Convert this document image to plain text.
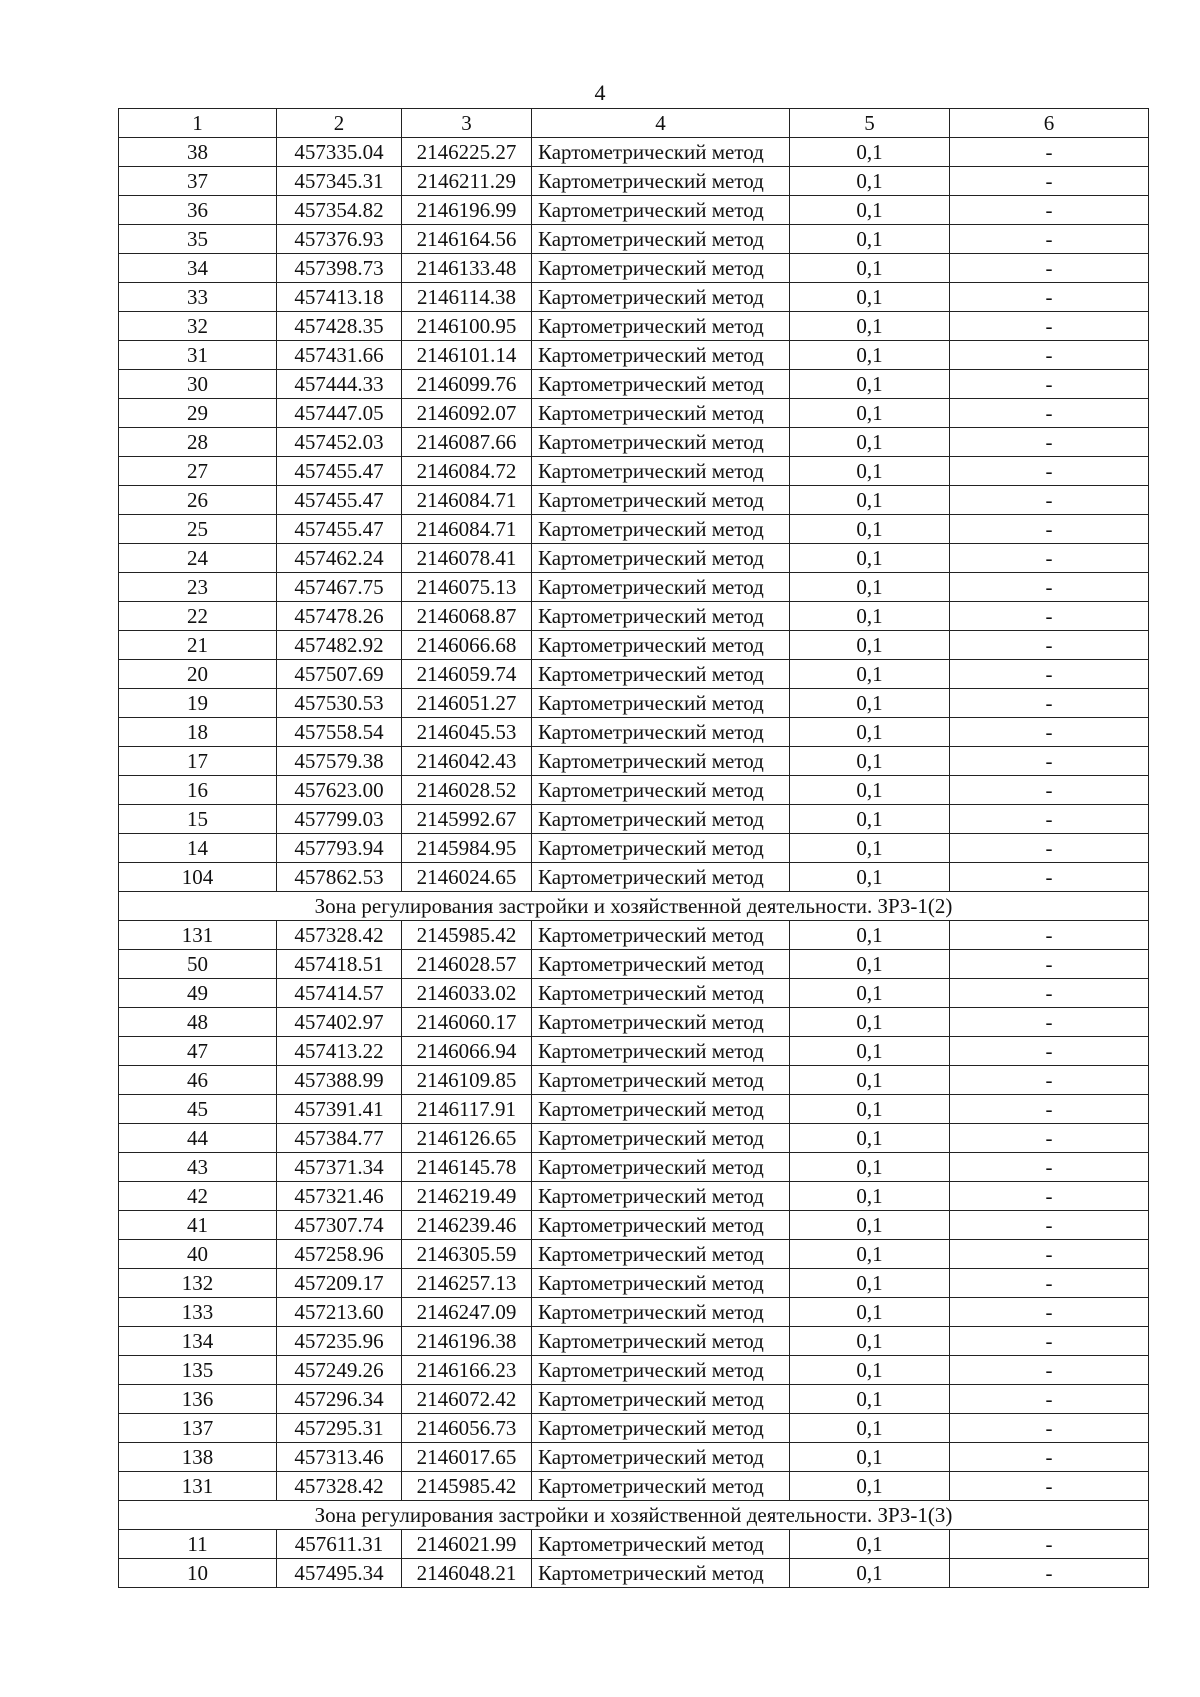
4
1	2	3	4	5	6
38	457335.04	2146225.27	Картометрический метод	0,1	-
37	457345.31	2146211.29	Картометрический метод	0,1	-
36	457354.82	2146196.99	Картометрический метод	0,1	-
35	457376.93	2146164.56	Картометрический метод	0,1	-
34	457398.73	2146133.48	Картометрический метод	0,1	-
33	457413.18	2146114.38	Картометрический метод	0,1	-
32	457428.35	2146100.95	Картометрический метод	0,1	-
31	457431.66	2146101.14	Картометрический метод	0,1	-
30	457444.33	2146099.76	Картометрический метод	0,1	-
29	457447.05	2146092.07	Картометрический метод	0,1	-
28	457452.03	2146087.66	Картометрический метод	0,1	-
27	457455.47	2146084.72	Картометрический метод	0,1	-
26	457455.47	2146084.71	Картометрический метод	0,1	-
25	457455.47	2146084.71	Картометрический метод	0,1	-
24	457462.24	2146078.41	Картометрический метод	0,1	-
23	457467.75	2146075.13	Картометрический метод	0,1	-
22	457478.26	2146068.87	Картометрический метод	0,1	-
21	457482.92	2146066.68	Картометрический метод	0,1	-
20	457507.69	2146059.74	Картометрический метод	0,1	-
19	457530.53	2146051.27	Картометрический метод	0,1	-
18	457558.54	2146045.53	Картометрический метод	0,1	-
17	457579.38	2146042.43	Картометрический метод	0,1	-
16	457623.00	2146028.52	Картометрический метод	0,1	-
15	457799.03	2145992.67	Картометрический метод	0,1	-
14	457793.94	2145984.95	Картометрический метод	0,1	-
104	457862.53	2146024.65	Картометрический метод	0,1	-
Зона регулирования застройки и хозяйственной деятельности. ЗРЗ-1(2)					
131	457328.42	2145985.42	Картометрический метод	0,1	-
50	457418.51	2146028.57	Картометрический метод	0,1	-
49	457414.57	2146033.02	Картометрический метод	0,1	-
48	457402.97	2146060.17	Картометрический метод	0,1	-
47	457413.22	2146066.94	Картометрический метод	0,1	-
46	457388.99	2146109.85	Картометрический метод	0,1	-
45	457391.41	2146117.91	Картометрический метод	0,1	-
44	457384.77	2146126.65	Картометрический метод	0,1	-
43	457371.34	2146145.78	Картометрический метод	0,1	-
42	457321.46	2146219.49	Картометрический метод	0,1	-
41	457307.74	2146239.46	Картометрический метод	0,1	-
40	457258.96	2146305.59	Картометрический метод	0,1	-
132	457209.17	2146257.13	Картометрический метод	0,1	-
133	457213.60	2146247.09	Картометрический метод	0,1	-
134	457235.96	2146196.38	Картометрический метод	0,1	-
135	457249.26	2146166.23	Картометрический метод	0,1	-
136	457296.34	2146072.42	Картометрический метод	0,1	-
137	457295.31	2146056.73	Картометрический метод	0,1	-
138	457313.46	2146017.65	Картометрический метод	0,1	-
131	457328.42	2145985.42	Картометрический метод	0,1	-
Зона регулирования застройки и хозяйственной деятельности. ЗРЗ-1(3)					
11	457611.31	2146021.99	Картометрический метод	0,1	-
10	457495.34	2146048.21	Картометрический метод	0,1	-
